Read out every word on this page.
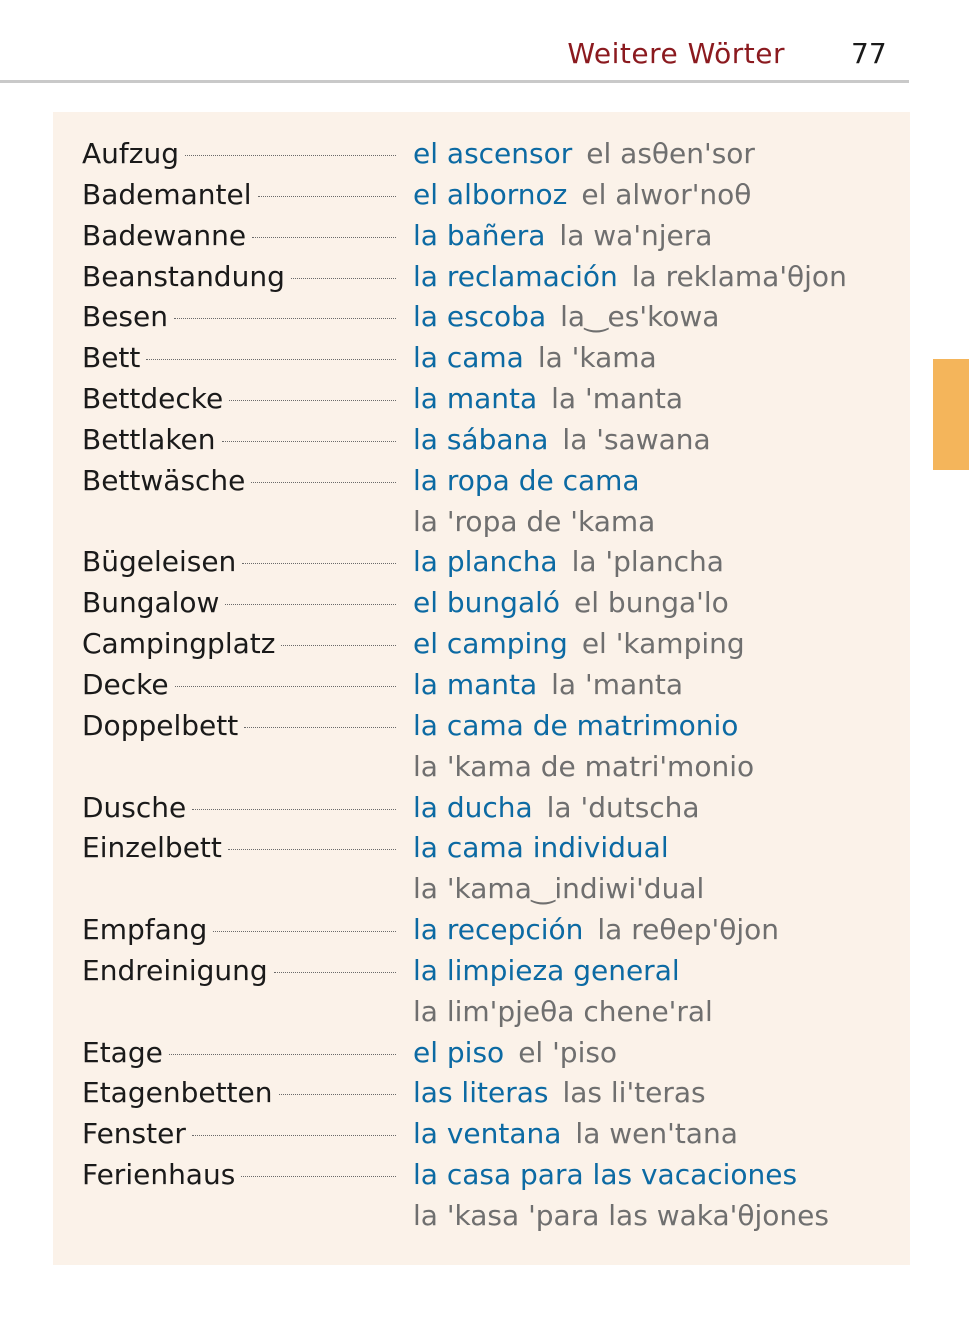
Weitere Wörter 77
Aufzug	el ascensor el asθen'sor
Bademantel	el albornoz el alwor'noθ
Badewanne	la bañera la wa'njera
Beanstandung	la reclamación la reklama'θjon
Besen	la escoba la‿es'kowa
Bett	la cama la 'kama
Bettdecke	la manta la 'manta
Bettlaken	la sábana la 'sawana
Bettwäsche	la ropa de cama
la 'ropa de 'kama
Bügeleisen	la plancha la 'plancha
Bungalow	el bungaló el bunga'lo
Campingplatz	el camping el 'kamping
Decke	la manta la 'manta
Doppelbett	la cama de matrimonio
la 'kama de matri'monio
Dusche	la ducha la 'dutscha
Einzelbett	la cama individual
la 'kama‿indiwi'dual
Empfang	la recepción la reθep'θjon
Endreinigung	la limpieza general
la lim'pjeθa chene'ral
Etage	el piso el 'piso
Etagenbetten	las literas las li'teras
Fenster	la ventana la wen'tana
Ferienhaus	la casa para las vacaciones
la 'kasa 'para las waka'θjones
